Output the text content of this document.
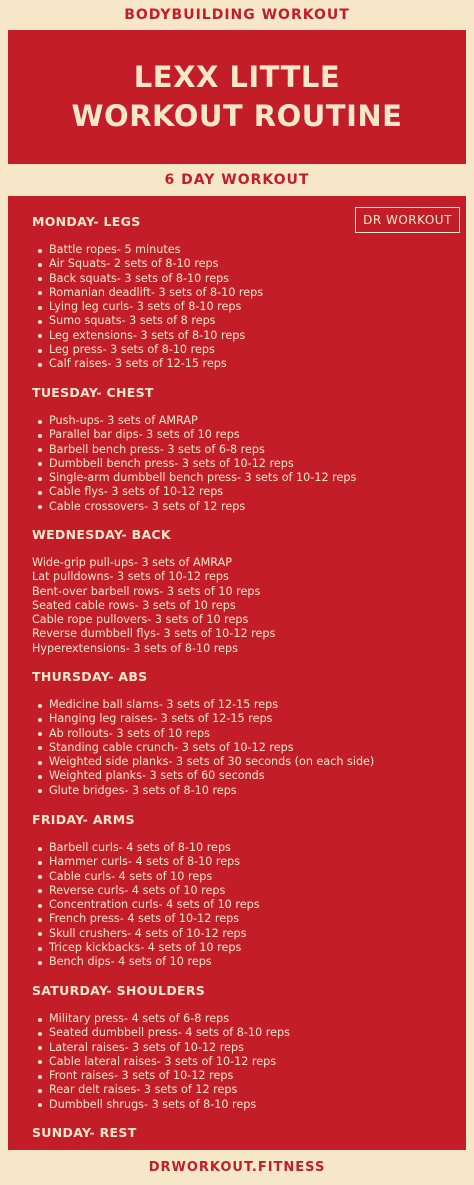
BODYBUILDING WORKOUT
LEXX LITTLE
WORKOUT ROUTINE
6 DAY WORKOUT
DR WORKOUT
MONDAY- LEGS
Battle ropes- 5 minutes
Air Squats- 2 sets of 8-10 reps
Back squats- 3 sets of 8-10 reps
Romanian deadlift- 3 sets of 8-10 reps
Lying leg curls- 3 sets of 8-10 reps
Sumo squats- 3 sets of 8 reps
Leg extensions- 3 sets of 8-10 reps
Leg press- 3 sets of 8-10 reps
Calf raises- 3 sets of 12-15 reps
TUESDAY- CHEST
Push-ups- 3 sets of AMRAP
Parallel bar dips- 3 sets of 10 reps
Barbell bench press- 3 sets of 6-8 reps
Dumbbell bench press- 3 sets of 10-12 reps
Single-arm dumbbell bench press- 3 sets of 10-12 reps
Cable flys- 3 sets of 10-12 reps
Cable crossovers- 3 sets of 12 reps
WEDNESDAY- BACK
Wide-grip pull-ups- 3 sets of AMRAP
Lat pulldowns- 3 sets of 10-12 reps
Bent-over barbell rows- 3 sets of 10 reps
Seated cable rows- 3 sets of 10 reps
Cable rope pullovers- 3 sets of 10 reps
Reverse dumbbell flys- 3 sets of 10-12 reps
Hyperextensions- 3 sets of 8-10 reps
THURSDAY- ABS
Medicine ball slams- 3 sets of 12-15 reps
Hanging leg raises- 3 sets of 12-15 reps
Ab rollouts- 3 sets of 10 reps
Standing cable crunch- 3 sets of 10-12 reps
Weighted side planks- 3 sets of 30 seconds (on each side)
Weighted planks- 3 sets of 60 seconds
Glute bridges- 3 sets of 8-10 reps
FRIDAY- ARMS
Barbell curls- 4 sets of 8-10 reps
Hammer curls- 4 sets of 8-10 reps
Cable curls- 4 sets of 10 reps
Reverse curls- 4 sets of 10 reps
Concentration curls- 4 sets of 10 reps
French press- 4 sets of 10-12 reps
Skull crushers- 4 sets of 10-12 reps
Tricep kickbacks- 4 sets of 10 reps
Bench dips- 4 sets of 10 reps
SATURDAY- SHOULDERS
Military press- 4 sets of 6-8 reps
Seated dumbbell press- 4 sets of 8-10 reps
Lateral raises- 3 sets of 10-12 reps
Cable lateral raises- 3 sets of 10-12 reps
Front raises- 3 sets of 10-12 reps
Rear delt raises- 3 sets of 12 reps
Dumbbell shrugs- 3 sets of 8-10 reps
SUNDAY- REST
DRWORKOUT.FITNESS
